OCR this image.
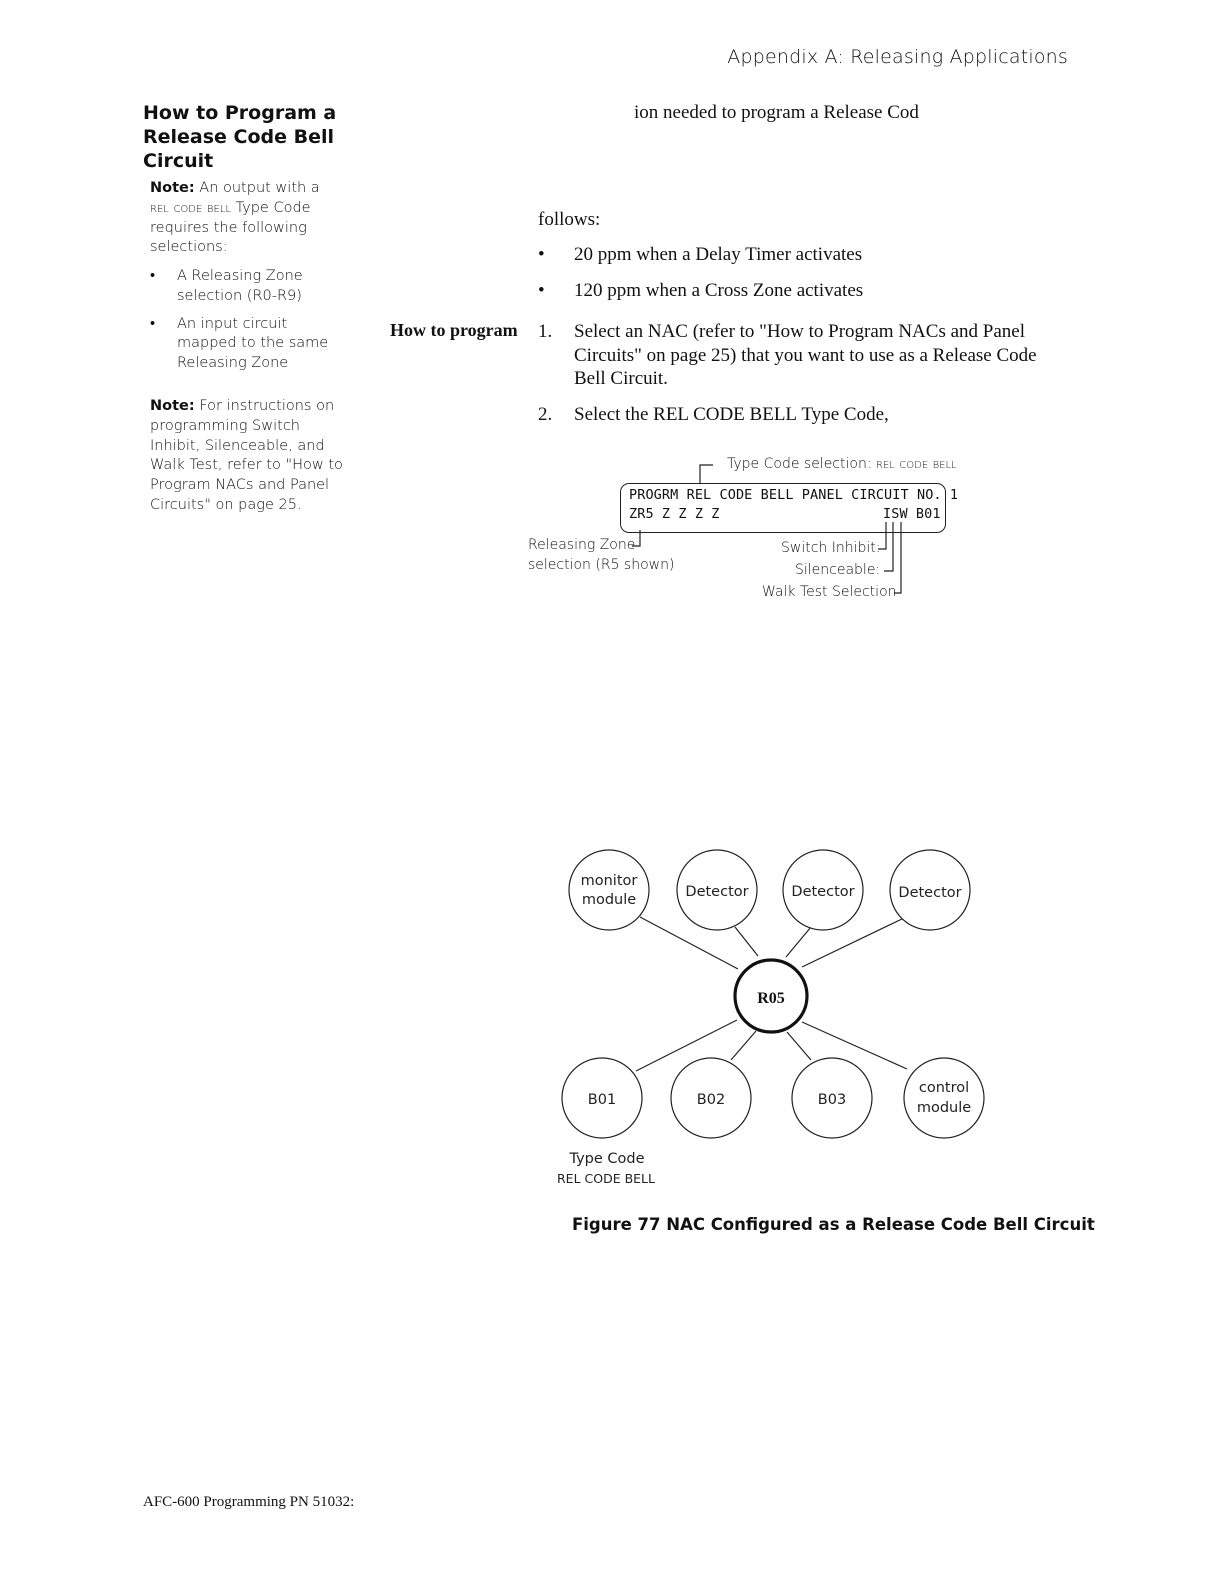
Appendix A: Releasing Applications
How to Program a Release Code Bell Circuit
Note: An output with a
rel code bell Type Code requires the following selections:
• A Releasing Zone selection (R0-R9)
• An input circuit mapped to the same Releasing Zone
Note: For instructions on programming Switch Inhibit, Silenceable, and Walk Test, refer to "How to Program NACs and Panel Circuits" on page 25.
ion needed to program a Release Cod
follows:
• 20 ppm when a Delay Timer activates
• 120 ppm when a Cross Zone activates
How to program 1. Select an NAC (refer to "How to Program NACs and Panel Circuits" on page 25) that you want to use as a Release Code Bell Circuit.
2. Select the REL CODE BELL Type Code,
Type Code selection: rel code bell
PROGRM REL CODE BELL PANEL CIRCUIT NO. 1
ZR5 Z Z Z Z	ISW B01
Releasing Zone
selection (R5 shown)
Switch Inhibit:
Silenceable:
Walk Test Selection
monitor
module	Detector	Detector	Detector
R05
B01	B02	B03
control
module
Type Code
REL CODE BELL
Figure 77 NAC Configured as a Release Code Bell Circuit
AFC-600 Programming PN 51032:
